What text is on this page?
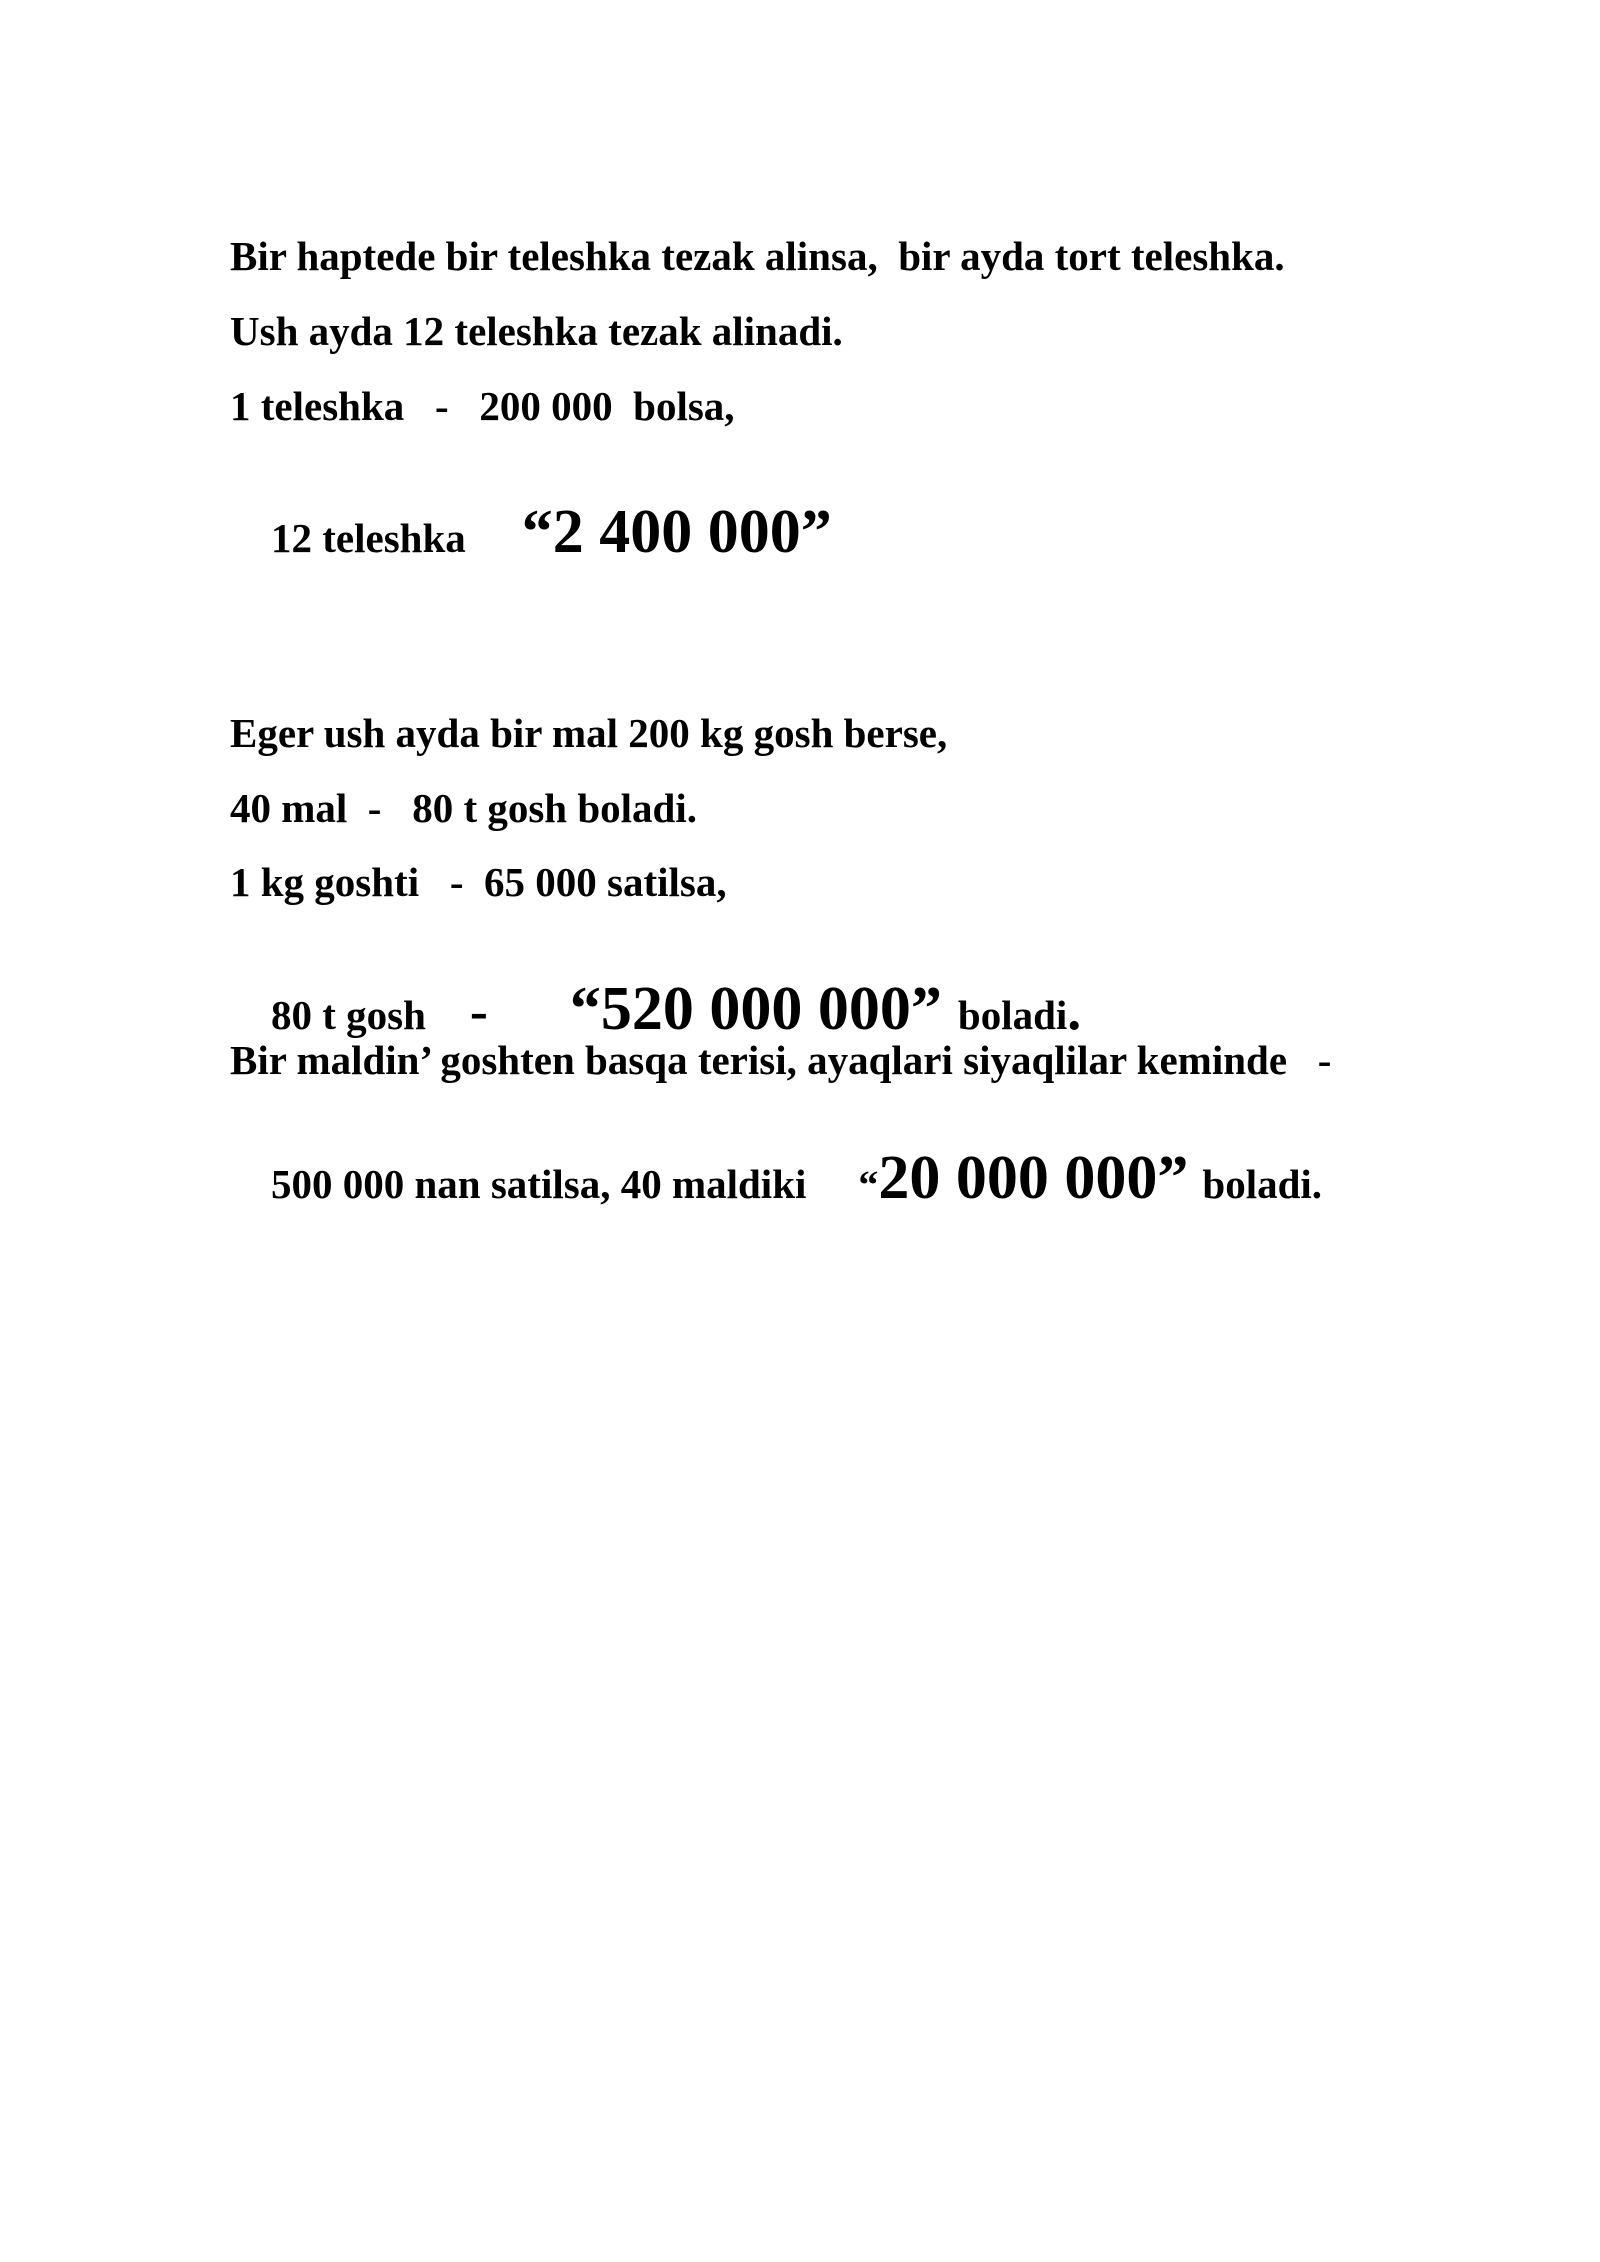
Bir haptede bir teleshka tezak alinsa,  bir ayda tort teleshka.
Ush ayda 12 teleshka tezak alinadi.
1 teleshka   -   200 000  bolsa,

12 teleshka “2 400 000”

Eger ush ayda bir mal 200 kg gosh berse,
40 mal  -   80 t gosh boladi.
1 kg goshti   -  65 000 satilsa,

80 t gosh - “520 000 000” boladi.

Bir maldin’ goshten basqa terisi, ayaqlari siyaqlilar keminde   -

500 000 nan satilsa, 40 maldiki “20 000 000” boladi.
